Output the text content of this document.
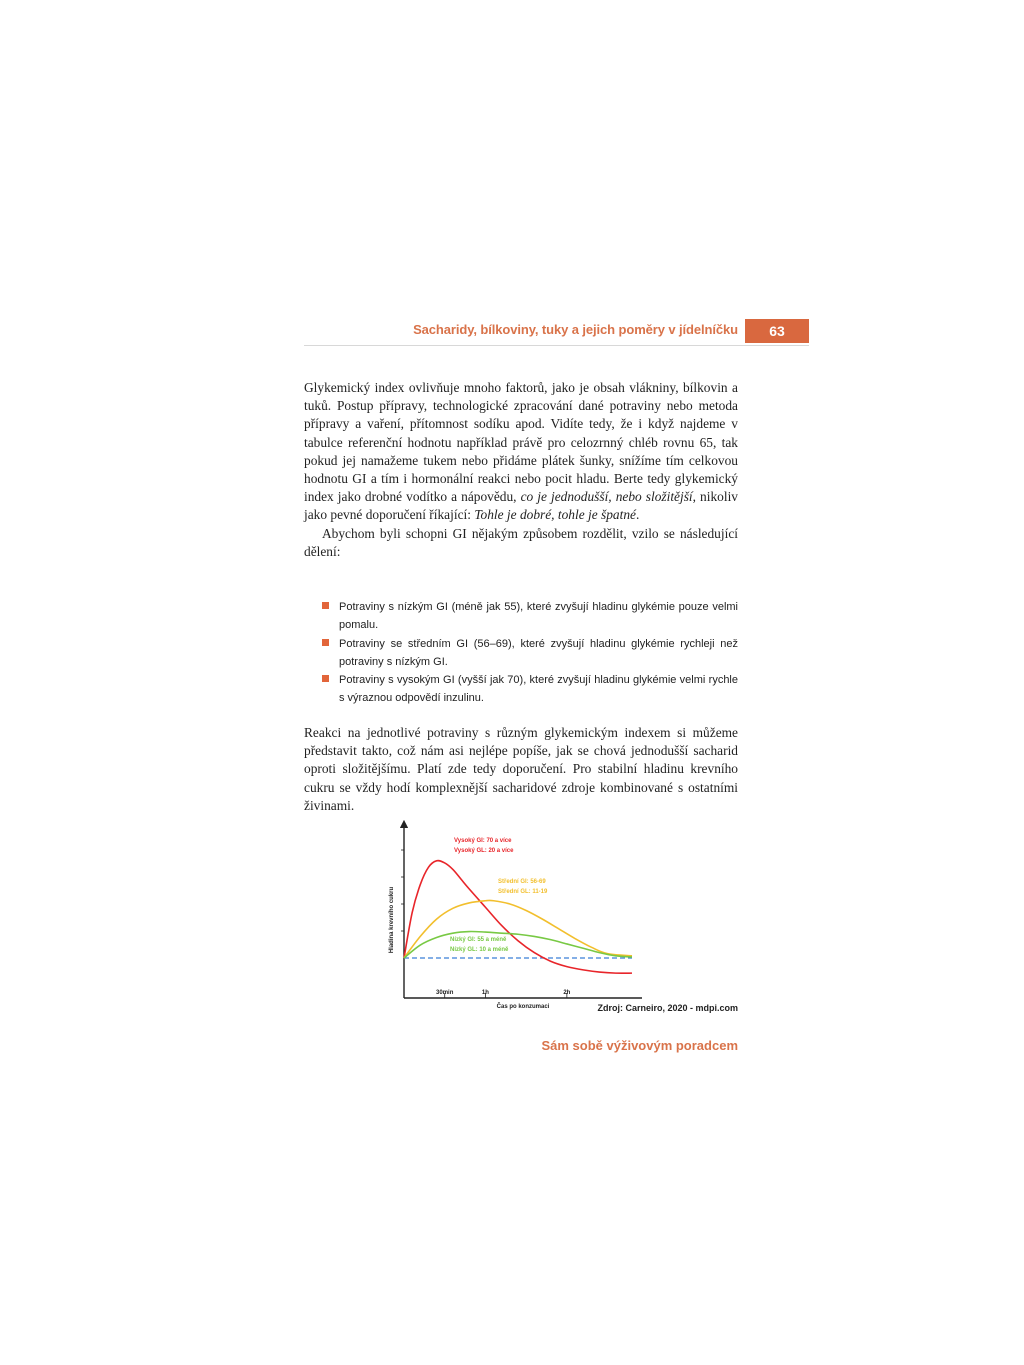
Sacharidy, bílkoviny, tuky a jejich poměry v jídelníčku	63

Glykemický index ovlivňuje mnoho faktorů, jako je obsah vlákniny, bílkovin a tuků. Postup přípravy, technologické zpracování dané potraviny nebo metoda přípravy a vaření, přítomnost sodíku apod. Vidíte tedy, že i když najdeme v tabulce referenční hodnotu například právě pro celozrnný chléb rovnu 65, tak pokud jej namažeme tukem nebo přidáme plátek šunky, snížíme tím celkovou hodnotu GI a tím i hormonální reakci nebo pocit hladu. Berte tedy glykemický index jako drobné vodítko a nápovědu, co je jednodušší, nebo složitější, nikoliv jako pevné doporučení říkající: Tohle je dobré, tohle je špatné.

Abychom byli schopni GI nějakým způsobem rozdělit, vzilo se následující dělení:

Potraviny s nízkým GI (méně jak 55), které zvyšují hladinu glykémie pouze velmi pomalu.
Potraviny se středním GI (56–69), které zvyšují hladinu glykémie rychleji než potraviny s nízkým GI.
Potraviny s vysokým GI (vyšší jak 70), které zvyšují hladinu glykémie velmi rychle s výraznou odpovědí inzulinu.

Reakci na jednotlivé potraviny s různým glykemickým indexem si můžeme představit takto, což nám asi nejlépe popíše, jak se chová jednodušší sacharid oproti složitějšímu. Platí zde tedy doporučení. Pro stabilní hladinu krevního cukru se vždy hodí komplexnější sacharidové zdroje kombinované s ostatními živinami.

30min	1h	2h
Vysoký GI: 70 a více
Vysoký GL: 20 a více
Střední GI: 56-69
Střední GL: 11-19
Nízký GI: 55 a méně
Nízký GL: 10 a méně
Hladina krevního cukru
Čas po konzumaci	Zdroj: Carneiro, 2020 - mdpi.com
Sám sobě výživovým poradcem
